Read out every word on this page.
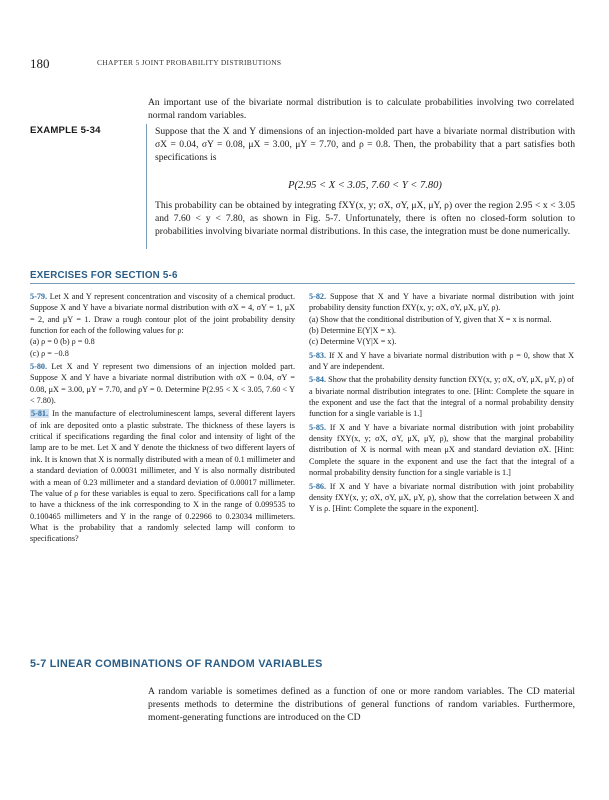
180	CHAPTER 5 JOINT PROBABILITY DISTRIBUTIONS
An important use of the bivariate normal distribution is to calculate probabilities involving two correlated normal random variables.
EXAMPLE 5-34	Suppose that the X and Y dimensions of an injection-molded part have a bivariate normal distribution with σX = 0.04, σY = 0.08, μX = 3.00, μY = 7.70, and ρ = 0.8. Then, the probability that a part satisfies both specifications is
P(2.95 < X < 3.05, 7.60 < Y < 7.80)
This probability can be obtained by integrating fXY(x, y; σX, σY, μX, μY, ρ) over the region 2.95 < x < 3.05 and 7.60 < y < 7.80, as shown in Fig. 5-7. Unfortunately, there is often no closed-form solution to probabilities involving bivariate normal distributions. In this case, the integration must be done numerically.
EXERCISES FOR SECTION 5-6
5-79. Let X and Y represent concentration and viscosity of a chemical product. Suppose X and Y have a bivariate normal distribution with σX = 4, σY = 1, μX = 2, and μY = 1. Draw a rough contour plot of the joint probability density function for each of the following values for ρ:
(a) ρ = 0 (b) ρ = 0.8
(c) ρ = −0.8
5-80. Let X and Y represent two dimensions of an injection molded part. Suppose X and Y have a bivariate normal distribution with σX = 0.04, σY = 0.08, μX = 3.00, μY = 7.70, and ρY = 0. Determine P(2.95 < X < 3.05, 7.60 < Y < 7.80).
5-81. In the manufacture of electroluminescent lamps, several different layers of ink are deposited onto a plastic substrate. The thickness of these layers is critical if specifications regarding the final color and intensity of light of the lamp are to be met. Let X and Y denote the thickness of two different layers of ink. It is known that X is normally distributed with a mean of 0.1 millimeter and a standard deviation of 0.00031 millimeter, and Y is also normally distributed with a mean of 0.23 millimeter and a standard deviation of 0.00017 millimeter. The value of ρ for these variables is equal to zero. Specifications call for a lamp to have a thickness of the ink corresponding to X in the range of 0.099535 to 0.100465 millimeters and Y in the range of 0.22966 to 0.23034 millimeters. What is the probability that a randomly selected lamp will conform to specifications?
5-82. Suppose that X and Y have a bivariate normal distribution with joint probability density function fXY(x, y; σX, σY, μX, μY, ρ).
(a) Show that the conditional distribution of Y, given that X = x is normal.
(b) Determine E(Y|X = x).
(c) Determine V(Y|X = x).
5-83. If X and Y have a bivariate normal distribution with ρ = 0, show that X and Y are independent.
5-84. Show that the probability density function fXY(x, y; σX, σY, μX, μY, ρ) of a bivariate normal distribution integrates to one. [Hint: Complete the square in the exponent and use the fact that the integral of a normal probability density function for a single variable is 1.]
5-85. If X and Y have a bivariate normal distribution with joint probability density fXY(x, y; σX, σY, μX, μY, ρ), show that the marginal probability distribution of X is normal with mean μX and standard deviation σX. [Hint: Complete the square in the exponent and use the fact that the integral of a normal probability density function for a single variable is 1.]
5-86. If X and Y have a bivariate normal distribution with joint probability density fXY(x, y; σX, σY, μX, μY, ρ), show that the correlation between X and Y is ρ. [Hint: Complete the square in the exponent].
5-7 LINEAR COMBINATIONS OF RANDOM VARIABLES
A random variable is sometimes defined as a function of one or more random variables. The CD material presents methods to determine the distributions of general functions of random variables. Furthermore, moment-generating functions are introduced on the CD
